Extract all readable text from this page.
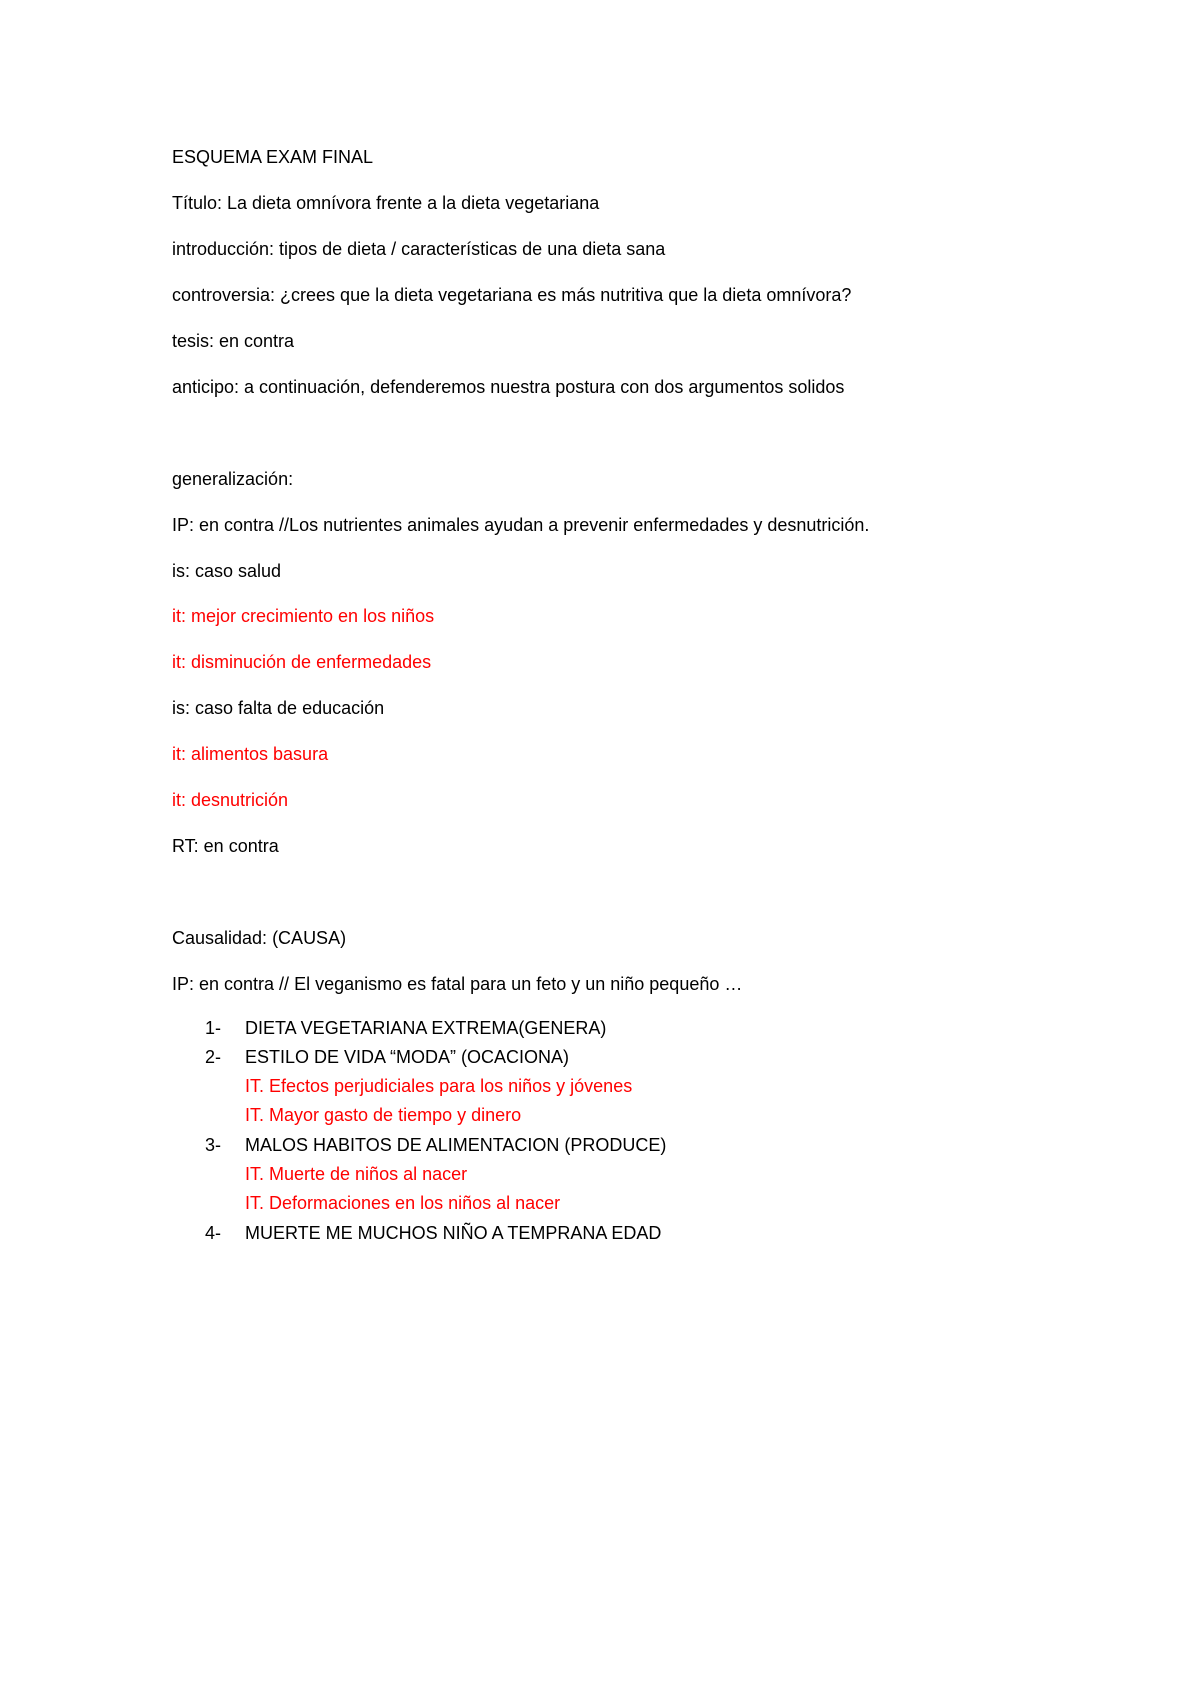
ESQUEMA EXAM FINAL
Título: La dieta omnívora frente a la dieta vegetariana
introducción: tipos de dieta / características de una dieta sana
controversia: ¿crees que la dieta vegetariana es más nutritiva que la dieta omnívora?
tesis: en contra
anticipo: a continuación, defenderemos nuestra postura con dos argumentos solidos
generalización:
IP: en contra //Los nutrientes animales ayudan a prevenir enfermedades y desnutrición.
is: caso salud
it: mejor crecimiento en los niños
it: disminución de enfermedades
is: caso falta de educación
it: alimentos basura
it: desnutrición
RT: en contra
Causalidad: (CAUSA)
IP: en contra // El veganismo es fatal para un feto y un niño pequeño …
1- DIETA VEGETARIANA EXTREMA(GENERA)
2- ESTILO DE VIDA “MODA” (OCACIONA)
IT. Efectos perjudiciales para los niños y jóvenes
IT. Mayor gasto de tiempo y dinero
3- MALOS HABITOS DE ALIMENTACION (PRODUCE)
IT. Muerte de niños al nacer
IT. Deformaciones en los niños al nacer
4- MUERTE ME MUCHOS NIÑO A TEMPRANA EDAD
